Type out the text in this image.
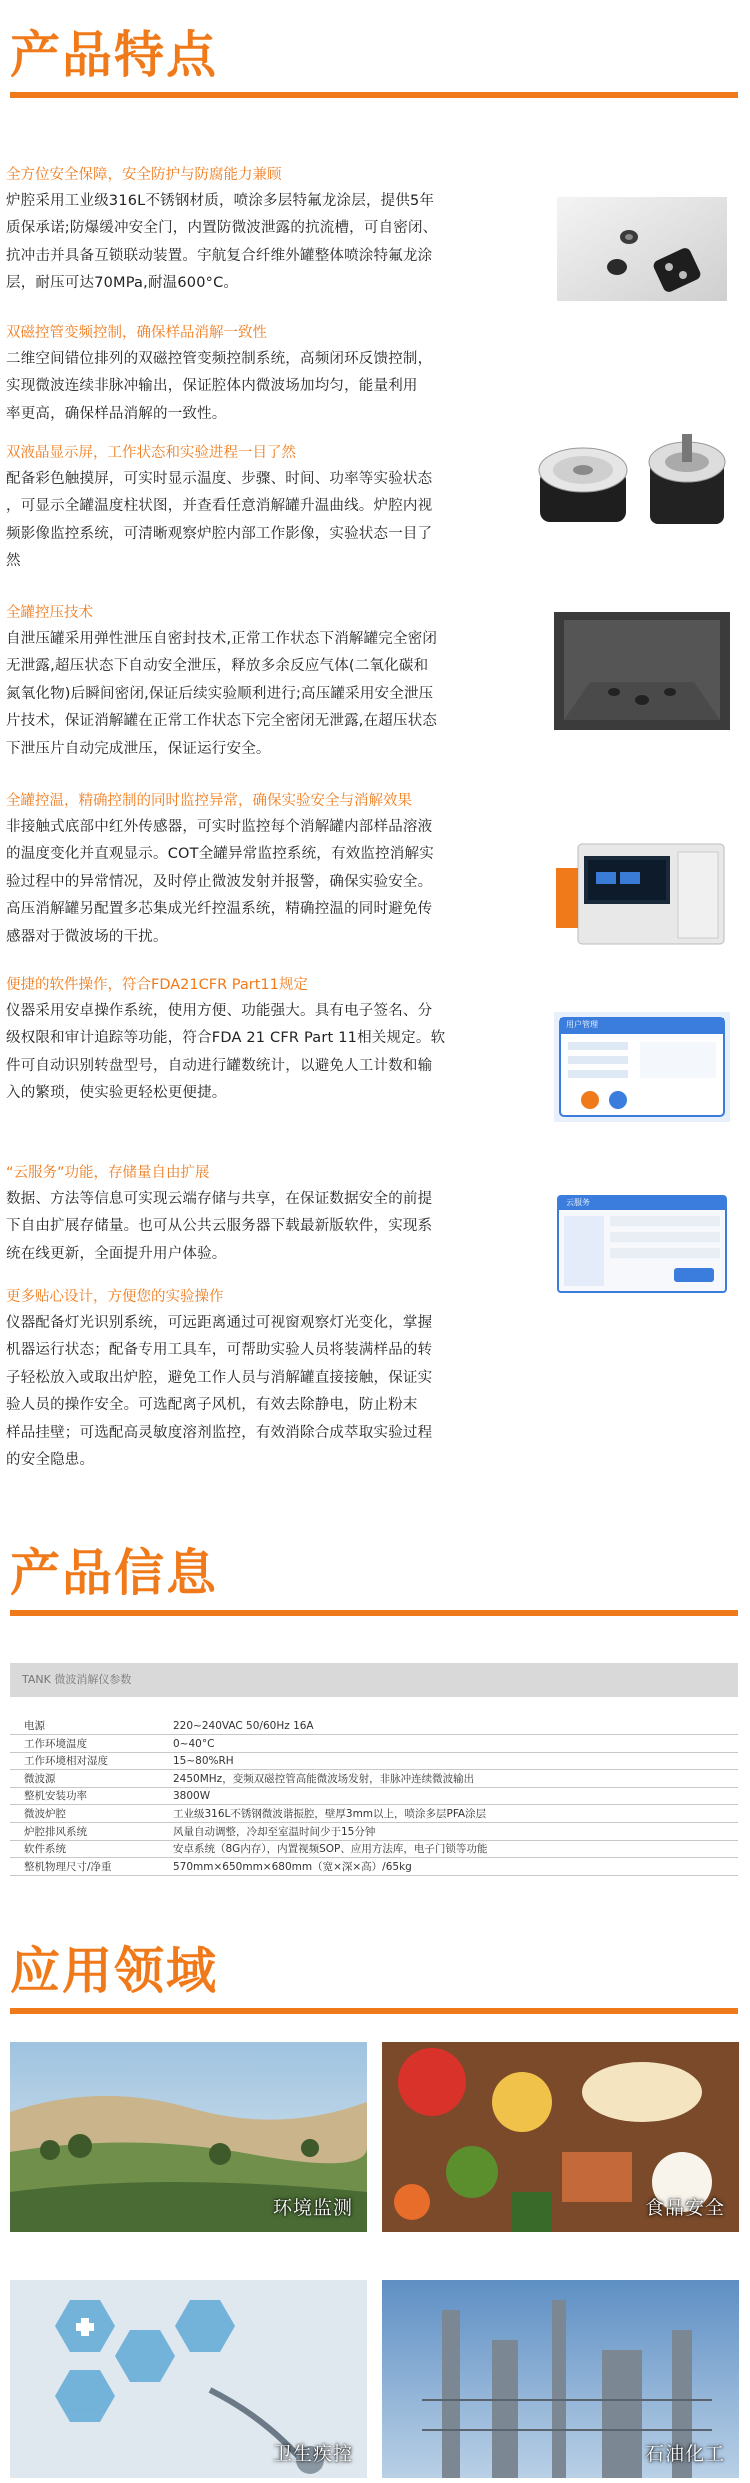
产品特点
全方位安全保障，安全防护与防腐能力兼顾
炉腔采用工业级316L不锈钢材质，喷涂多层特氟龙涂层，提供5年
质保承诺;防爆缓冲安全门，内置防微波泄露的抗流槽，可自密闭、
抗冲击并具备互锁联动装置。宇航复合纤维外罐整体喷涂特氟龙涂
层，耐压可达70MPa,耐温600°C。
双磁控管变频控制，确保样品消解一致性
二维空间错位排列的双磁控管变频控制系统，高频闭环反馈控制，
实现微波连续非脉冲输出，保证腔体内微波场加均匀，能量利用
率更高，确保样品消解的一致性。
双液晶显示屏，工作状态和实验进程一目了然
配备彩色触摸屏，可实时显示温度、步骤、时间、功率等实验状态
，可显示全罐温度柱状图，并查看任意消解罐升温曲线。炉腔内视
频影像监控系统，可清晰观察炉腔内部工作影像，实验状态一目了
然
全罐控压技术
自泄压罐采用弹性泄压自密封技术,正常工作状态下消解罐完全密闭
无泄露,超压状态下自动安全泄压，释放多余反应气体(二氧化碳和
氮氧化物)后瞬间密闭,保证后续实验顺利进行;高压罐采用安全泄压
片技术，保证消解罐在正常工作状态下完全密闭无泄露,在超压状态
下泄压片自动完成泄压，保证运行安全。
全罐控温，精确控制的同时监控异常，确保实验安全与消解效果
非接触式底部中红外传感器，可实时监控每个消解罐内部样品溶液
的温度变化并直观显示。COT全罐异常监控系统，有效监控消解实
验过程中的异常情况，及时停止微波发射并报警，确保实验安全。
高压消解罐另配置多芯集成光纤控温系统，精确控温的同时避免传
感器对于微波场的干扰。
便捷的软件操作，符合FDA21CFR Part11规定
仪器采用安卓操作系统，使用方便、功能强大。具有电子签名、分
级权限和审计追踪等功能，符合FDA 21 CFR Part 11相关规定。软
件可自动识别转盘型号，自动进行罐数统计，以避免人工计数和输
入的繁琐，使实验更轻松更便捷。
“云服务”功能，存储量自由扩展
数据、方法等信息可实现云端存储与共享，在保证数据安全的前提
下自由扩展存储量。也可从公共云服务器下载最新版软件，实现系
统在线更新，全面提升用户体验。
更多贴心设计，方便您的实验操作
仪器配备灯光识别系统，可远距离通过可视窗观察灯光变化，掌握
机器运行状态；配备专用工具车，可帮助实验人员将装满样品的转
子轻松放入或取出炉腔，避免工作人员与消解罐直接接触，保证实
验人员的操作安全。可选配离子风机，有效去除静电，防止粉末
样品挂壁；可选配高灵敏度溶剂监控，有效消除合成萃取实验过程
的安全隐患。
用户管理
云服务
产品信息
TANK 微波消解仪参数
电源	220~240VAC 50/60Hz 16A
工作环境温度	0~40°C
工作环境相对湿度	15~80%RH
微波源	2450MHz，变频双磁控管高能微波场发射，非脉冲连续微波输出
整机安装功率	3800W
微波炉腔	工业级316L不锈钢微波谐振腔，壁厚3mm以上，喷涂多层PFA涂层
炉腔排风系统	风量自动调整，冷却至室温时间少于15分钟
软件系统	安卓系统（8G内存），内置视频SOP、应用方法库，电子门锁等功能
整机物理尺寸/净重	570mm×650mm×680mm（宽×深×高）/65kg
应用领域
环境监测	食品安全
卫生疾控	石油化工
